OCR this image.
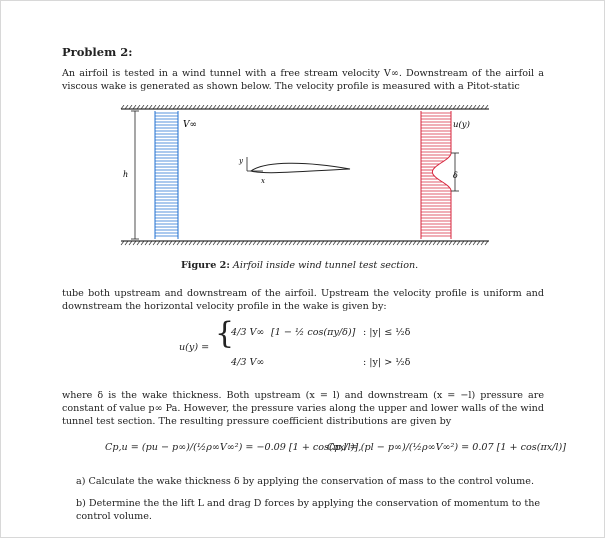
Problem 2:
An airfoil is tested in a wind tunnel with a free stream velocity V∞. Downstream of the airfoil a viscous wake is generated as shown below. The velocity profile is measured with a Pitot-static
V∞
h
y
x
u(y)
δ
Figure 2: Airfoil inside wind tunnel test section.
tube both upstream and downstream of the airfoil. Upstream the velocity profile is uniform and downstream the horizontal velocity profile in the wake is given by:
u(y) = {
4/3 V∞ [1 − ½ cos(πy/δ)] : |y| ≤ ½δ
4/3 V∞	: |y| > ½δ
where δ is the wake thickness. Both upstream (x = l) and downstream (x = −l) pressure are constant of value p∞ Pa. However, the pressure varies along the upper and lower walls of the wind tunnel test section. The resulting pressure coefficient distributions are given by
Cp,u = (pu − p∞)/(½ρ∞V∞²) = −0.09 [1 + cos(πx/l)],
Cp,l = (pl − p∞)/(½ρ∞V∞²) = 0.07 [1 + cos(πx/l)]
a) Calculate the wake thickness δ by applying the conservation of mass to the control volume.
b) Determine the the lift L and drag D forces by applying the conservation of momentum to the control volume.
